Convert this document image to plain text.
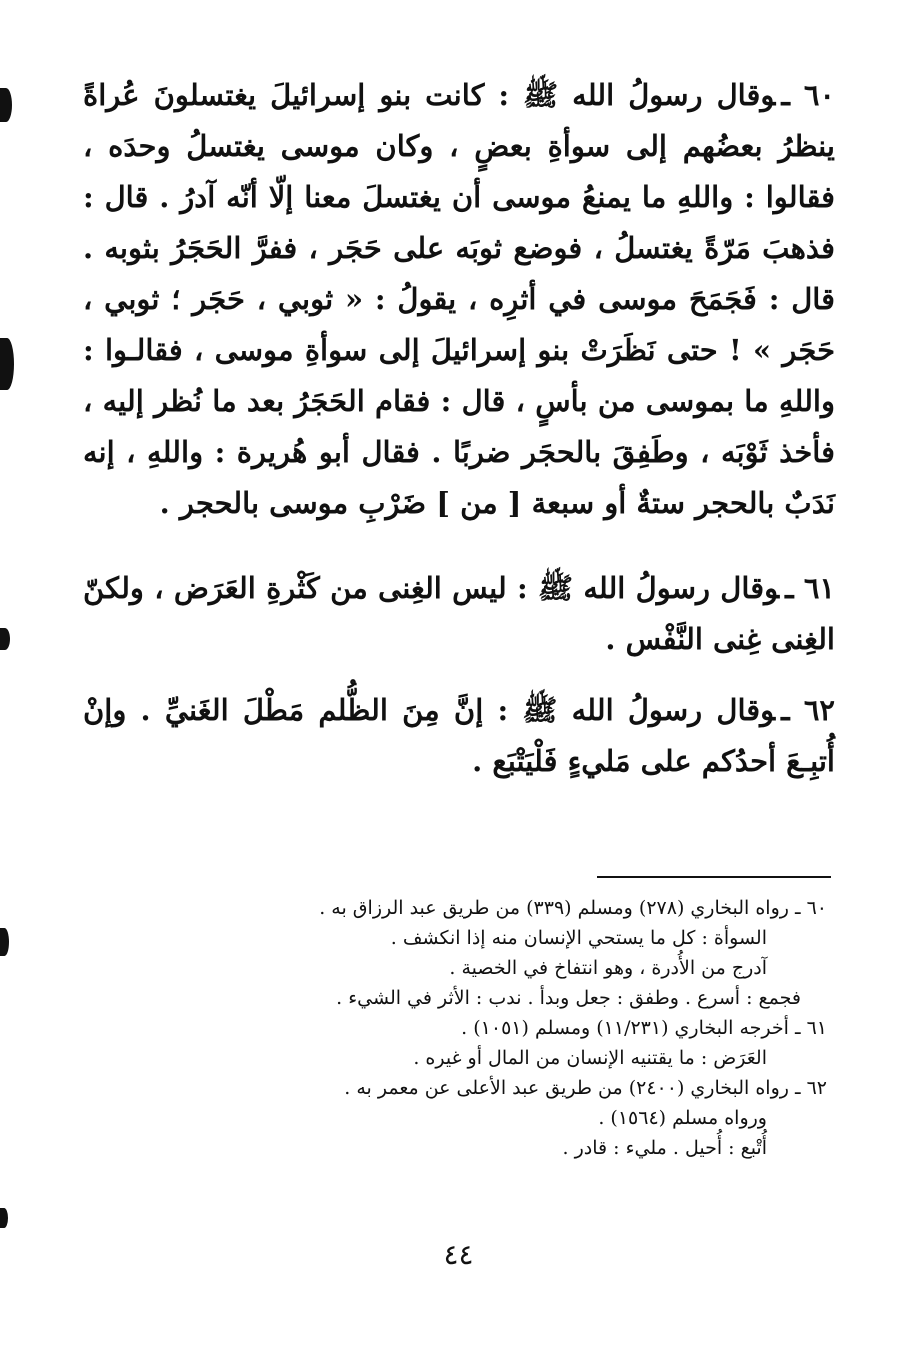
٦٠ ـوقال رسولُ الله ﷺ : كانت بنو إسرائيلَ يغتسلونَ عُراةً ينظرُ بعضُهم إلى سوأةِ بعضٍ ، وكان موسى يغتسلُ وحدَه ، فقالوا : واللهِ ما يمنعُ موسى أن يغتسلَ معنا إلّا أنّه آدرُ . قال : فذهبَ مَرّةً يغتسلُ ، فوضع ثوبَه على حَجَر ، ففرَّ الحَجَرُ بثوبه . قال : فَجَمَحَ موسى في أثرِه ، يقولُ : « ثوبي ، حَجَر ؛ ثوبي ، حَجَر » ! حتى نَظَرَتْ بنو إسرائيلَ إلى سوأةِ موسى ، فقالـوا : واللهِ ما بموسى من بأسٍ ، قال : فقام الحَجَرُ بعد ما نُظر إليه ، فأخذ ثَوْبَه ، وطَفِقَ بالحجَر ضربًا . فقال أبو هُريرة : واللهِ ، إنه نَدَبٌ بالحجر ستةٌ أو سبعة [ من ] ضَرْبِ موسى بالحجر .

٦١ ـوقال رسولُ الله ﷺ : ليس الغِنى من كَثْرةِ العَرَض ، ولكنّ الغِنى غِنى النَّفْس .

٦٢ ـوقال رسولُ الله ﷺ : إنَّ مِنَ الظُّلم مَطْلَ الغَنيِّ . وإنْ أُتبِـعَ أحدُكم على مَليءٍ فَلْيَتْبَع .

٦٠ ـ رواه البخاري (٢٧٨) ومسلم (٣٣٩) من طريق عبد الرزاق به .
السوأة : كل ما يستحي الإنسان منه إذا انكشف .
آدرج من الأُدرة ، وهو انتفاخ في الخصية .
فجمع : أسرع . وطفق : جعل وبدأ . ندب : الأثر في الشيء .
٦١ ـ أخرجه البخاري (١١/٢٣١) ومسلم (١٠٥١) .
العَرَض : ما يقتنيه الإنسان من المال أو غيره .
٦٢ ـ رواه البخاري (٢٤٠٠) من طريق عبد الأعلى عن معمر به .
ورواه مسلم (١٥٦٤) .
أُتْبع : أُحيل . مليء : قادر .
٤٤
